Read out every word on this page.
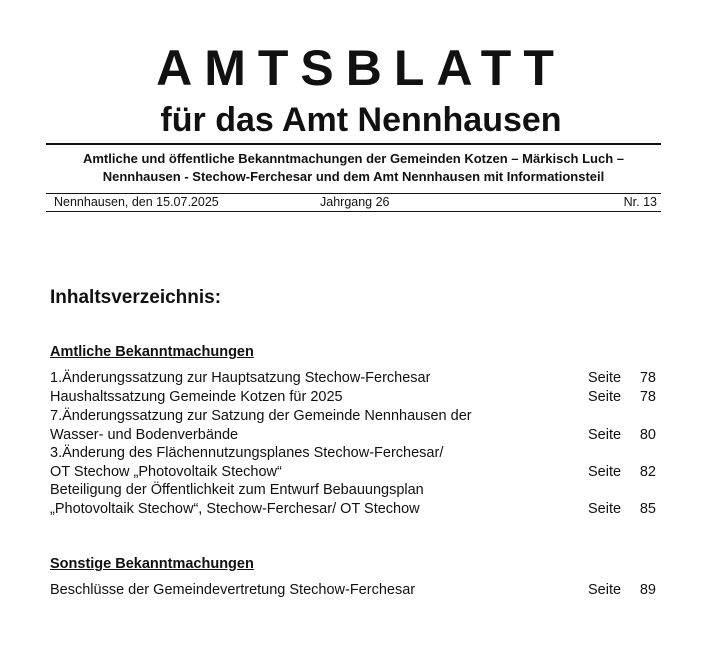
AMTSBLATT
für das Amt Nennhausen
Amtliche und öffentliche Bekanntmachungen der Gemeinden Kotzen – Märkisch Luch –
Nennhausen - Stechow-Ferchesar und dem Amt Nennhausen mit Informationsteil
Nennhausen, den 15.07.2025	Jahrgang 26	Nr. 13
Inhaltsverzeichnis:
Amtliche Bekanntmachungen
1.Änderungssatzung zur Hauptsatzung Stechow-Ferchesar	Seite 78
Haushaltssatzung Gemeinde Kotzen für 2025	Seite 78
7.Änderungssatzung zur Satzung der Gemeinde Nennhausen der
Wasser- und Bodenverbände	Seite 80
3.Änderung des Flächennutzungsplanes Stechow-Ferchesar/
OT Stechow „Photovoltaik Stechow“	Seite 82
Beteiligung der Öffentlichkeit zum Entwurf Bebauungsplan
„Photovoltaik Stechow“, Stechow-Ferchesar/ OT Stechow	Seite 85
Sonstige Bekanntmachungen
Beschlüsse der Gemeindevertretung Stechow-Ferchesar	Seite 89
